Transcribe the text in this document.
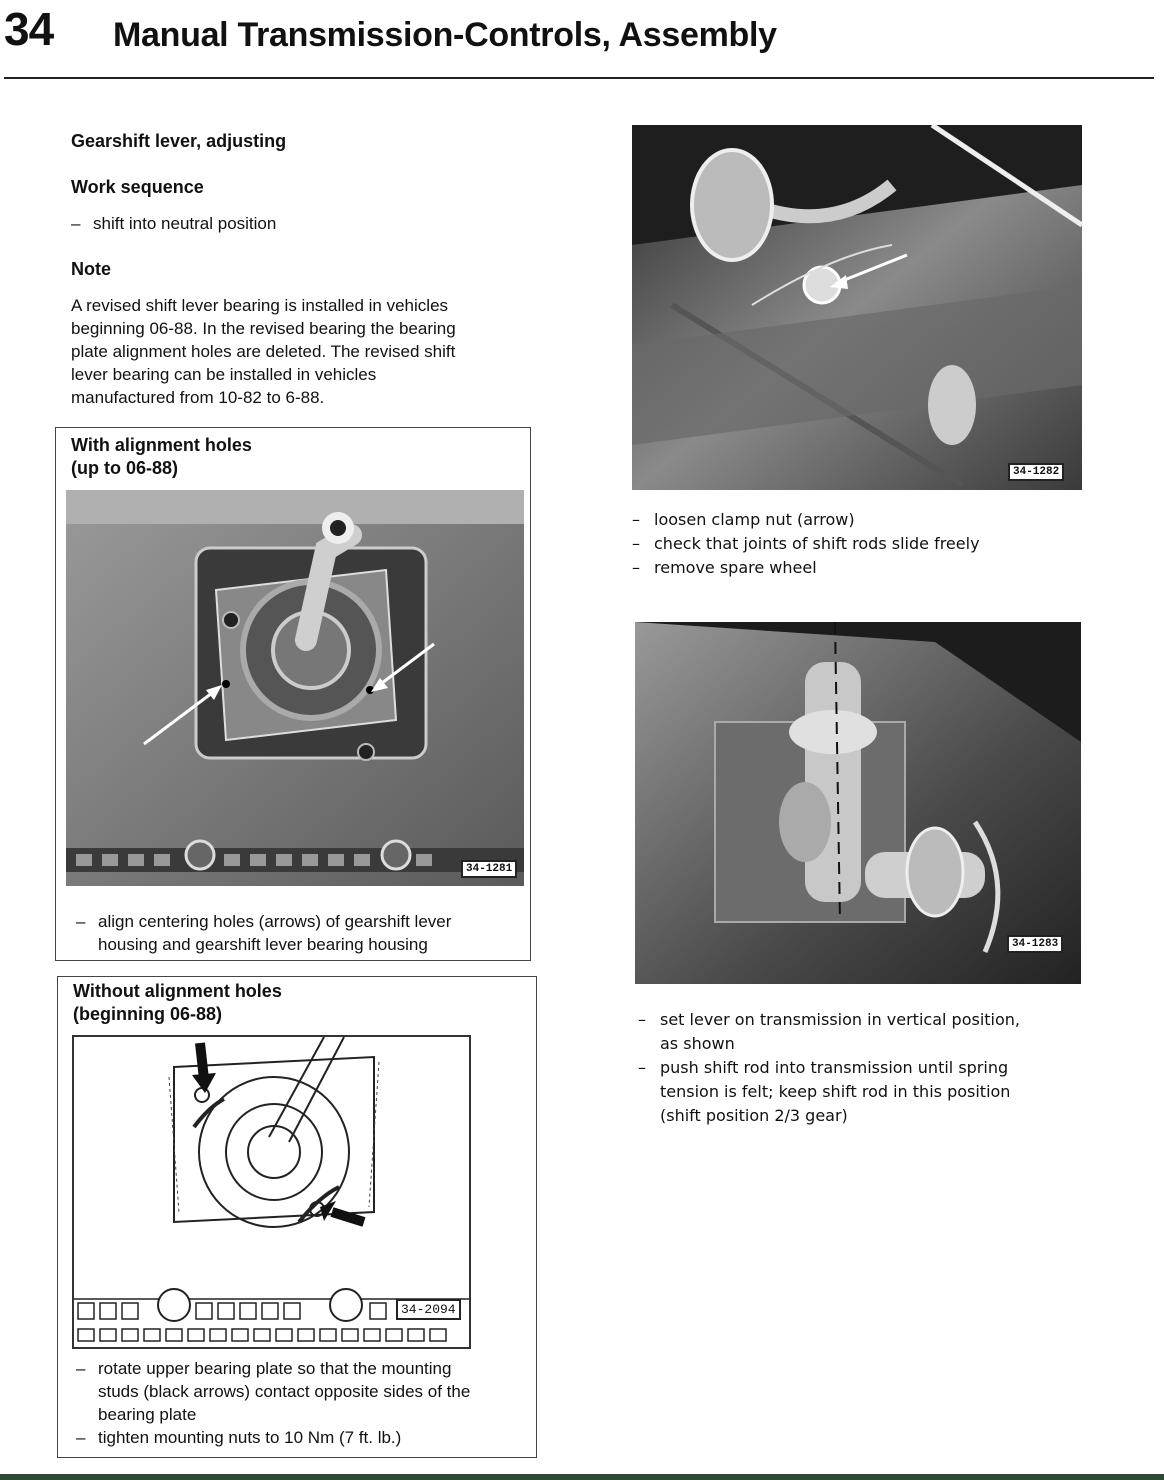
34 Manual Transmission-Controls, Assembly
Gearshift lever, adjusting
Work sequence
– shift into neutral position
Note
A revised shift lever bearing is installed in vehicles
beginning 06-88. In the revised bearing the bearing
plate alignment holes are deleted. The revised shift
lever bearing can be installed in vehicles
manufactured from 10-82 to 6-88.
With alignment holes
(up to 06-88)
34-1281
– align centering holes (arrows) of gearshift lever
housing and gearshift lever bearing housing
Without alignment holes
(beginning 06-88)
34-2094
– rotate upper bearing plate so that the mounting
studs (black arrows) contact opposite sides of the
bearing plate
– tighten mounting nuts to 10 Nm (7 ft. lb.)
34-1282
– loosen clamp nut (arrow)
– check that joints of shift rods slide freely
– remove spare wheel
34-1283
– set lever on transmission in vertical position,
as shown
– push shift rod into transmission until spring
tension is felt; keep shift rod in this position
(shift position 2/3 gear)
